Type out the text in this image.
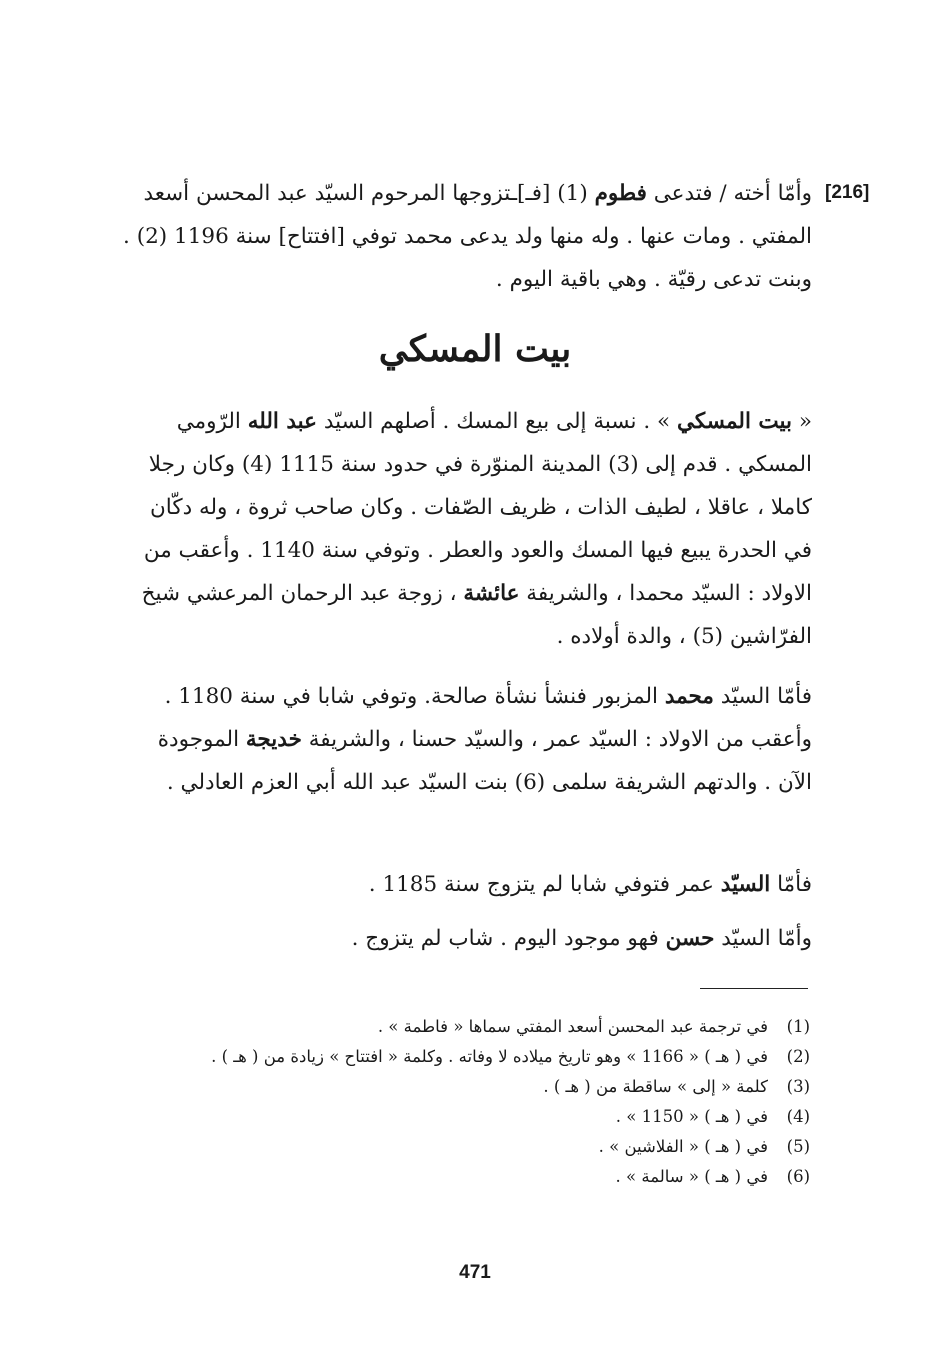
[216]

وأمّا أخته / فتدعى فطوم (1) [فـ]ـتزوجها المرحوم السيّد عبد المحسن أسعد المفتي . ومات عنها . وله منها ولد يدعى محمد توفي [افتتاح] سنة 1196 (2) . وبنت تدعى رقيّة . وهي باقية اليوم .

بيت المسكي

« بيت المسكي » . نسبة إلى بيع المسك . أصلهم السيّد عبد الله الرّومي المسكي . قدم إلى (3) المدينة المنوّرة في حدود سنة 1115 (4) وكان رجلا كاملا ، عاقلا ، لطيف الذات ، ظريف الصّفات . وكان صاحب ثروة ، وله دكّان في الحدرة يبيع فيها المسك والعود والعطر . وتوفي سنة 1140 . وأعقب من الاولاد : السيّد محمدا ، والشريفة عائشة ، زوجة عبد الرحمان المرعشي شيخ الفرّاشين (5) ، والدة أولاده .

فأمّا السيّد محمد المزبور فنشأ نشأة صالحة. وتوفي شابا في سنة 1180 . وأعقب من الاولاد : السيّد عمر ، والسيّد حسنا ، والشريفة خديجة الموجودة الآن . والدتهم الشريفة سلمى (6) بنت السيّد عبد الله أبي العزم العادلي .

فأمّا السيّد عمر فتوفي شابا لم يتزوج سنة 1185 .

وأمّا السيّد حسن فهو موجود اليوم . شاب لم يتزوج .

(1)
في ترجمة عبد المحسن أسعد المفتي سماها « فاطمة » .
(2)
في ( هـ ) « 1166 » وهو تاريخ ميلاده لا وفاته . وكلمة « افتتاح » زيادة من ( هـ ) .
(3)
كلمة « إلى » ساقطة من ( هـ ) .
(4)
في ( هـ ) « 1150 » .
(5)
في ( هـ ) « الفلاشين » .
(6)
في ( هـ ) « سالمة » .
471
